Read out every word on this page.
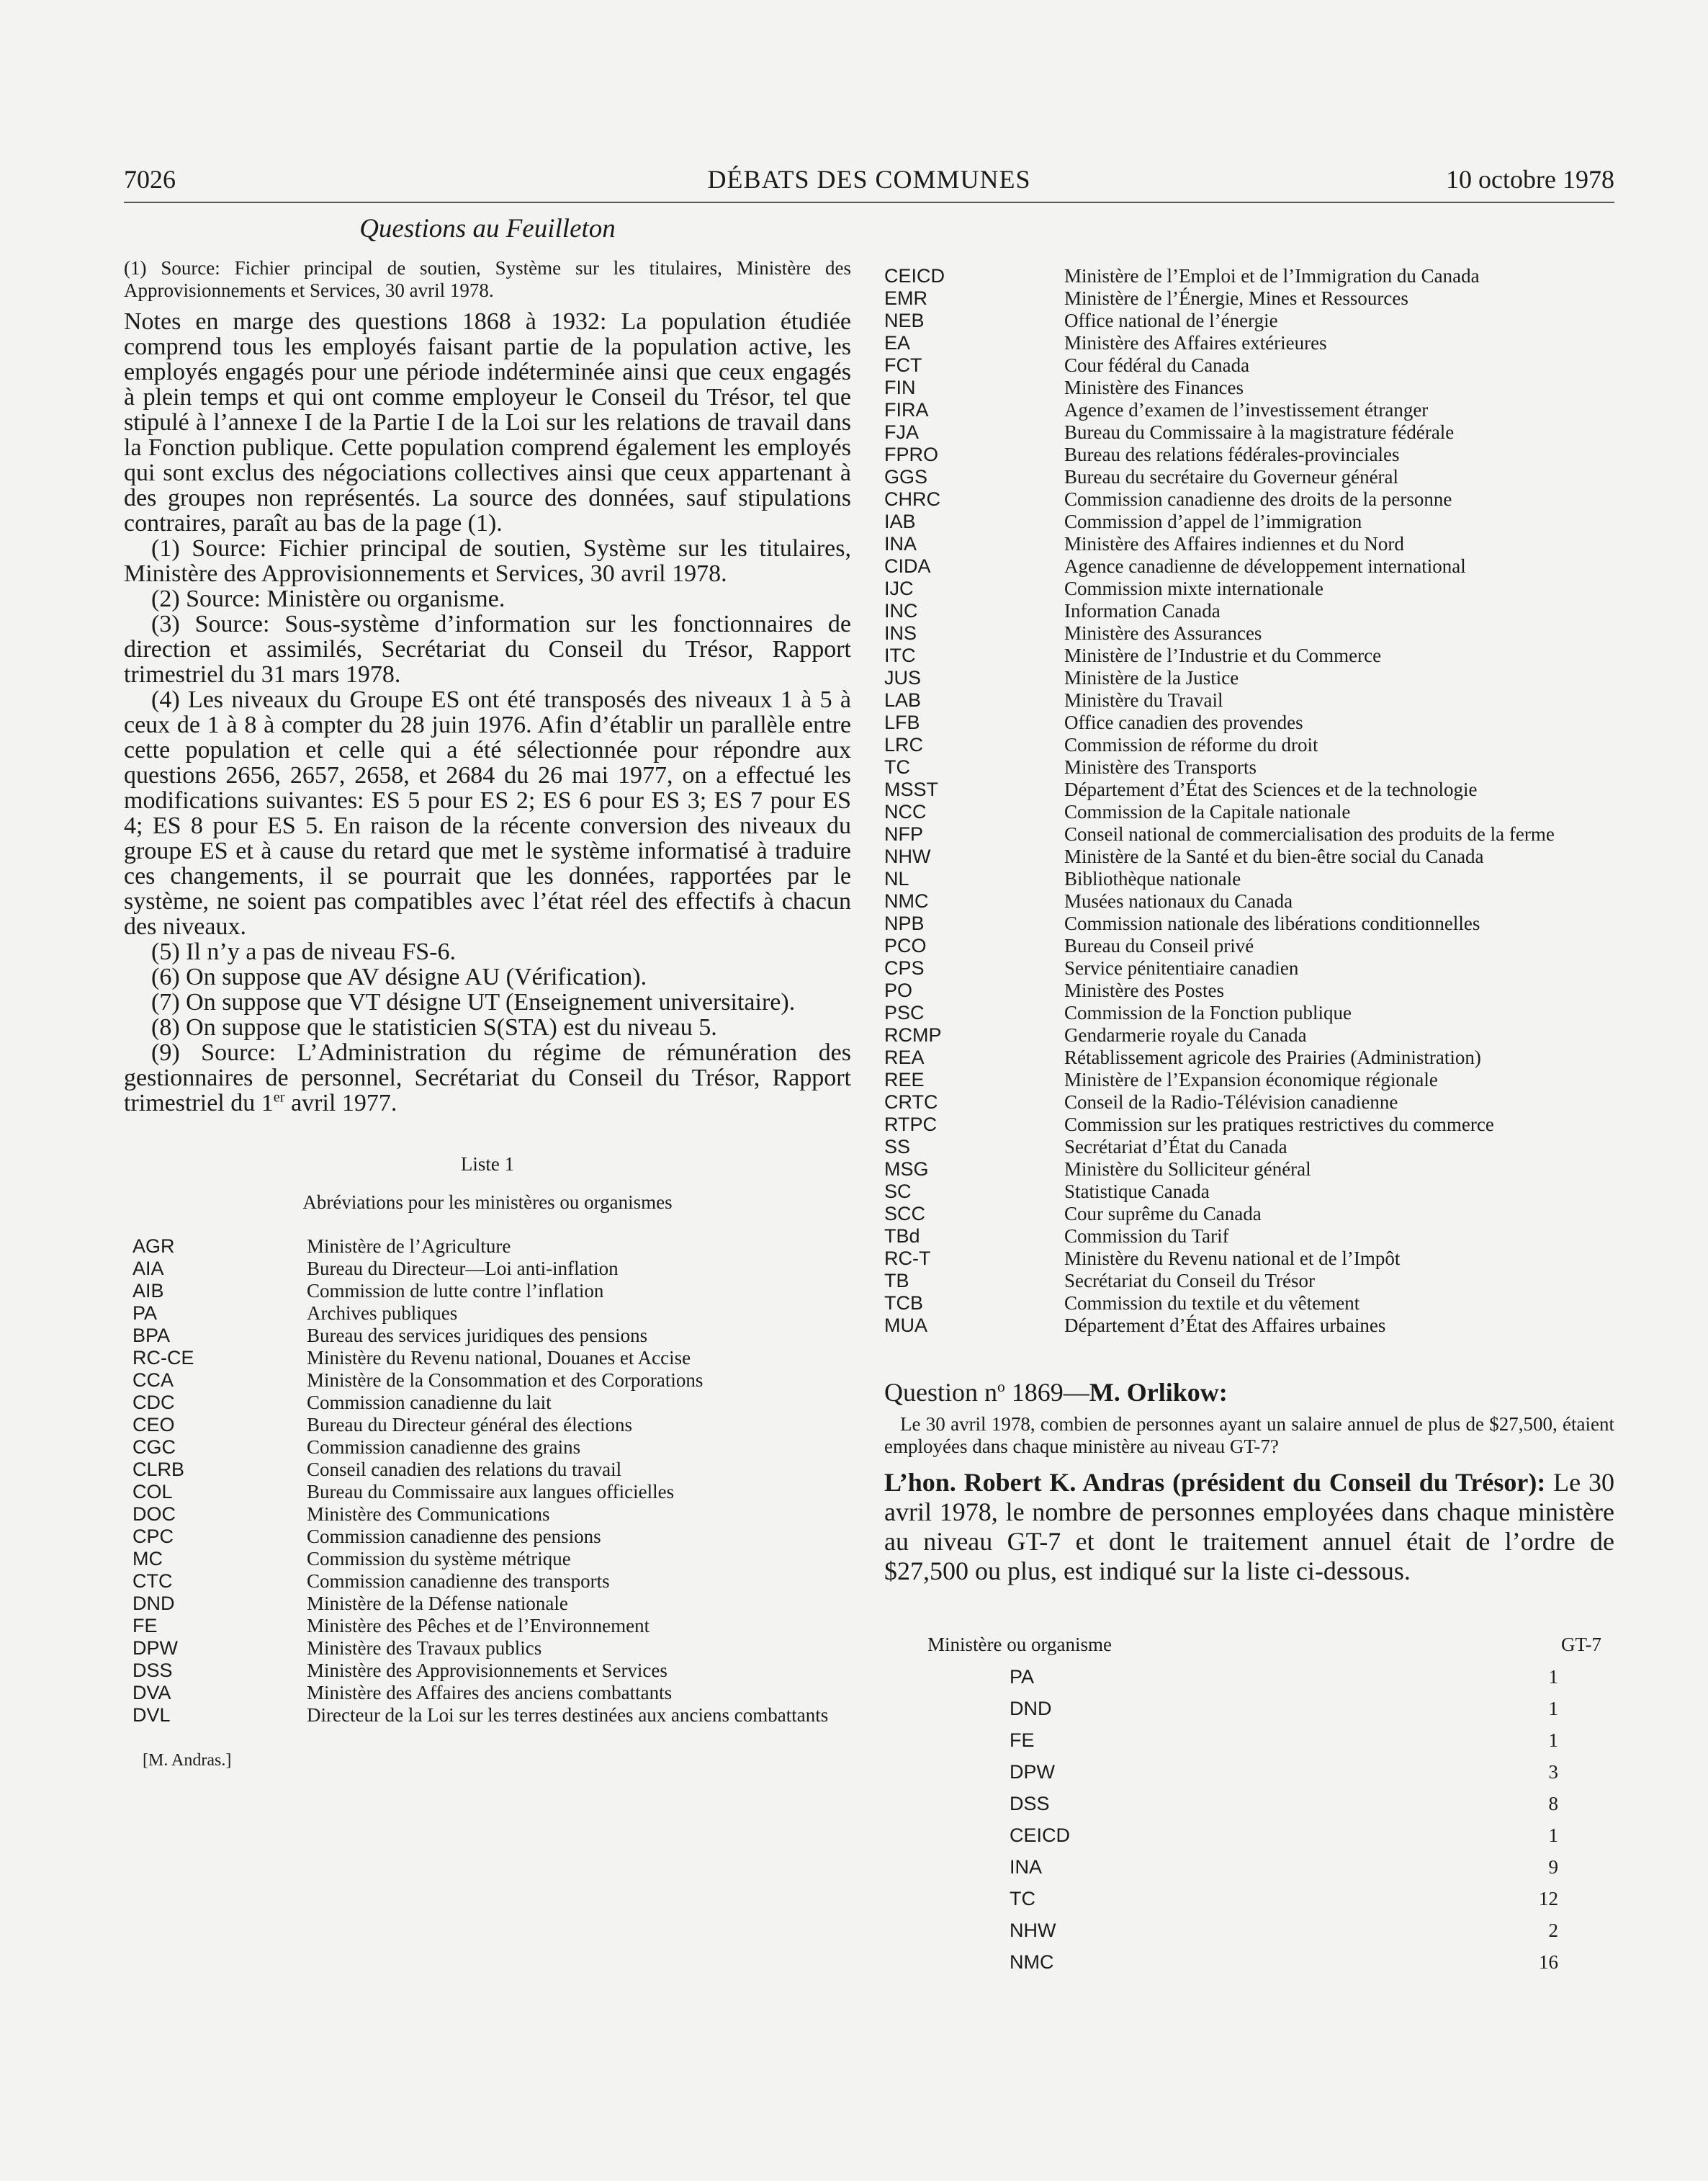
7026	DÉBATS DES COMMUNES	10 octobre 1978
Questions au Feuilleton
(1) Source: Fichier principal de soutien, Système sur les titulaires, Ministère des Approvisionnements et Services, 30 avril 1978.

Notes en marge des questions 1868 à 1932: La population étudiée comprend tous les employés faisant partie de la population active, les employés engagés pour une période indéterminée ainsi que ceux engagés à plein temps et qui ont comme employeur le Conseil du Trésor, tel que stipulé à l’annexe I de la Partie I de la Loi sur les relations de travail dans la Fonction publique. Cette population comprend également les employés qui sont exclus des négociations collectives ainsi que ceux appartenant à des groupes non représentés. La source des données, sauf stipulations contraires, paraît au bas de la page (1).

(1) Source: Fichier principal de soutien, Système sur les titulaires, Ministère des Approvisionnements et Services, 30 avril 1978.

(2) Source: Ministère ou organisme.

(3) Source: Sous-système d’information sur les fonctionnaires de direction et assimilés, Secrétariat du Conseil du Trésor, Rapport trimestriel du 31 mars 1978.

(4) Les niveaux du Groupe ES ont été transposés des niveaux 1 à 5 à ceux de 1 à 8 à compter du 28 juin 1976. Afin d’établir un parallèle entre cette population et celle qui a été sélectionnée pour répondre aux questions 2656, 2657, 2658, et 2684 du 26 mai 1977, on a effectué les modifications suivantes: ES 5 pour ES 2; ES 6 pour ES 3; ES 7 pour ES 4; ES 8 pour ES 5. En raison de la récente conversion des niveaux du groupe ES et à cause du retard que met le système informatisé à traduire ces changements, il se pourrait que les données, rapportées par le système, ne soient pas compatibles avec l’état réel des effectifs à chacun des niveaux.

(5) Il n’y a pas de niveau FS-6.

(6) On suppose que AV désigne AU (Vérification).

(7) On suppose que VT désigne UT (Enseignement universitaire).

(8) On suppose que le statisticien S(STA) est du niveau 5.

(9) Source: L’Administration du régime de rémunération des gestionnaires de personnel, Secrétariat du Conseil du Trésor, Rapport trimestriel du 1er avril 1977.

Liste 1
Abréviations pour les ministères ou organismes
AGR	Ministère de l’Agriculture
AIA	Bureau du Directeur—Loi anti-inflation
AIB	Commission de lutte contre l’inflation
PA	Archives publiques
BPA	Bureau des services juridiques des pensions
RC-CE	Ministère du Revenu national, Douanes et Accise
CCA	Ministère de la Consommation et des Corporations
CDC	Commission canadienne du lait
CEO	Bureau du Directeur général des élections
CGC	Commission canadienne des grains
CLRB	Conseil canadien des relations du travail
COL	Bureau du Commissaire aux langues officielles
DOC	Ministère des Communications
CPC	Commission canadienne des pensions
MC	Commission du système métrique
CTC	Commission canadienne des transports
DND	Ministère de la Défense nationale
FE	Ministère des Pêches et de l’Environnement
DPW	Ministère des Travaux publics
DSS	Ministère des Approvisionnements et Services
DVA	Ministère des Affaires des anciens combattants
DVL	Directeur de la Loi sur les terres destinées aux anciens combattants
[M. Andras.]
CEICD	Ministère de l’Emploi et de l’Immigration du Canada
EMR	Ministère de l’Énergie, Mines et Ressources
NEB	Office national de l’énergie
EA	Ministère des Affaires extérieures
FCT	Cour fédéral du Canada
FIN	Ministère des Finances
FIRA	Agence d’examen de l’investissement étranger
FJA	Bureau du Commissaire à la magistrature fédérale
FPRO	Bureau des relations fédérales-provinciales
GGS	Bureau du secrétaire du Governeur général
CHRC	Commission canadienne des droits de la personne
IAB	Commission d’appel de l’immigration
INA	Ministère des Affaires indiennes et du Nord
CIDA	Agence canadienne de développement international
IJC	Commission mixte internationale
INC	Information Canada
INS	Ministère des Assurances
ITC	Ministère de l’Industrie et du Commerce
JUS	Ministère de la Justice
LAB	Ministère du Travail
LFB	Office canadien des provendes
LRC	Commission de réforme du droit
TC	Ministère des Transports
MSST	Département d’État des Sciences et de la technologie
NCC	Commission de la Capitale nationale
NFP	Conseil national de commercialisation des produits de la ferme
NHW	Ministère de la Santé et du bien-être social du Canada
NL	Bibliothèque nationale
NMC	Musées nationaux du Canada
NPB	Commission nationale des libérations conditionnelles
PCO	Bureau du Conseil privé
CPS	Service pénitentiaire canadien
PO	Ministère des Postes
PSC	Commission de la Fonction publique
RCMP	Gendarmerie royale du Canada
REA	Rétablissement agricole des Prairies (Administration)
REE	Ministère de l’Expansion économique régionale
CRTC	Conseil de la Radio-Télévision canadienne
RTPC	Commission sur les pratiques restrictives du commerce
SS	Secrétariat d’État du Canada
MSG	Ministère du Solliciteur général
SC	Statistique Canada
SCC	Cour suprême du Canada
TBd	Commission du Tarif
RC-T	Ministère du Revenu national et de l’Impôt
TB	Secrétariat du Conseil du Trésor
TCB	Commission du textile et du vêtement
MUA	Département d’État des Affaires urbaines
Question $n^o$ 1869—M. Orlikow:
Le 30 avril 1978, combien de personnes ayant un salaire annuel de plus de $27,500, étaient employées dans chaque ministère au niveau GT-7?
L’hon. Robert K. Andras (président du Conseil du Trésor): Le 30 avril 1978, le nombre de personnes employées dans chaque ministère au niveau GT-7 et dont le traitement annuel était de l’ordre de $27,500 ou plus, est indiqué sur la liste ci-dessous.
Ministère ou organisme	GT-7
PA	1
DND	1
FE	1
DPW	3
DSS	8
CEICD	1
INA	9
TC	12
NHW	2
NMC	16
